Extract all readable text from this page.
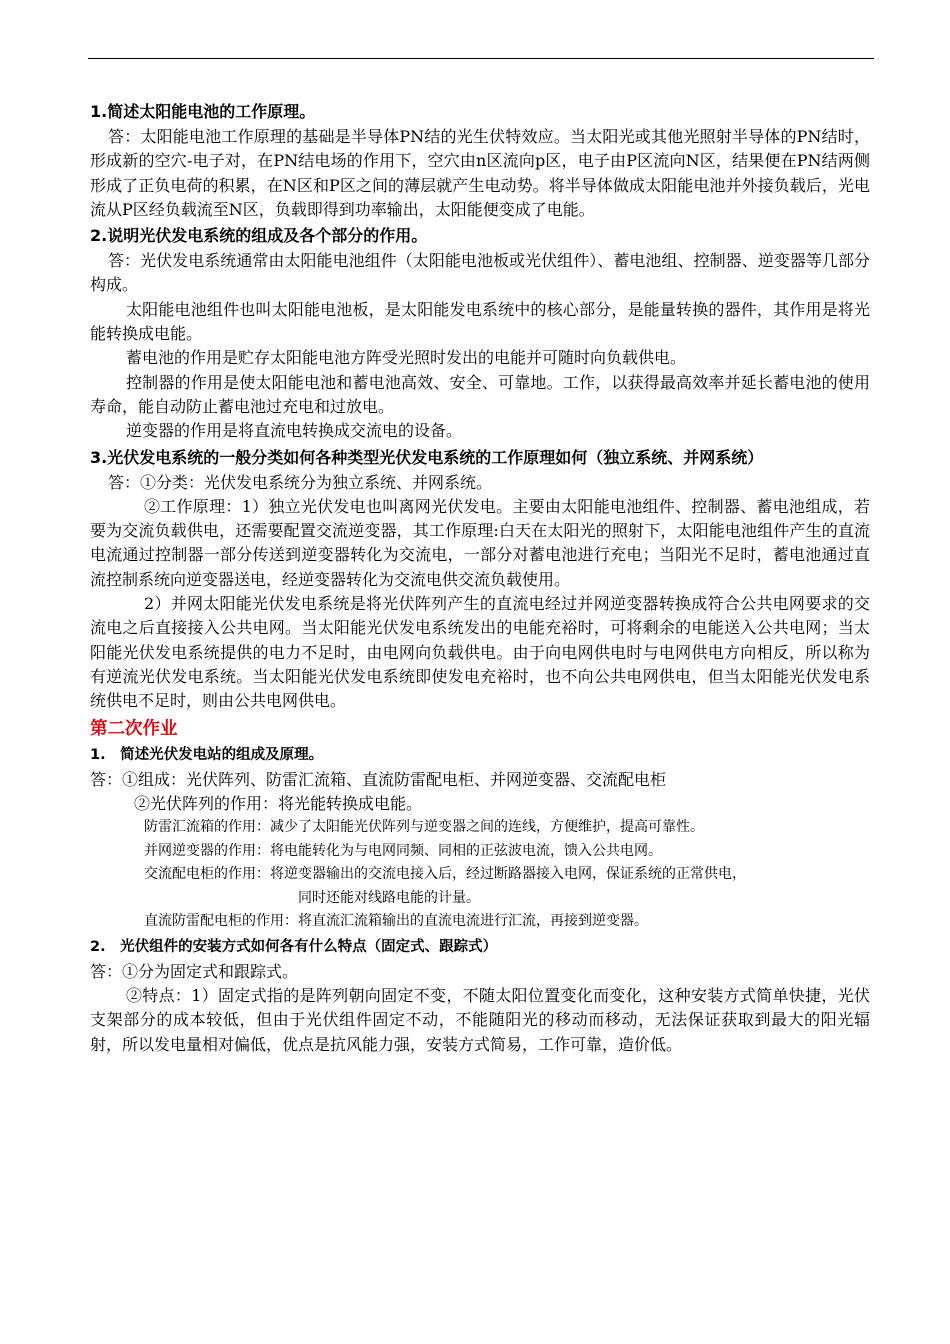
1.简述太阳能电池的工作原理。

答：太阳能电池工作原理的基础是半导体PN结的光生伏特效应。当太阳光或其他光照射半导体的PN结时，形成新的空穴-电子对，在PN结电场的作用下，空穴由n区流向p区，电子由P区流向N区，结果便在PN结两侧形成了正负电荷的积累，在N区和P区之间的薄层就产生电动势。将半导体做成太阳能电池并外接负载后，光电流从P区经负载流至N区，负载即得到功率输出，太阳能便变成了电能。

2.说明光伏发电系统的组成及各个部分的作用。

答：光伏发电系统通常由太阳能电池组件（太阳能电池板或光伏组件）、蓄电池组、控制器、逆变器等几部分构成。

太阳能电池组件也叫太阳能电池板，是太阳能发电系统中的核心部分，是能量转换的器件，其作用是将光能转换成电能。

蓄电池的作用是贮存太阳能电池方阵受光照时发出的电能并可随时向负载供电。

控制器的作用是使太阳能电池和蓄电池高效、安全、可靠地。工作，以获得最高效率并延长蓄电池的使用寿命，能自动防止蓄电池过充电和过放电。

逆变器的作用是将直流电转换成交流电的设备。

3.光伏发电系统的一般分类如何各种类型光伏发电系统的工作原理如何（独立系统、并网系统）

答：①分类：光伏发电系统分为独立系统、并网系统。

②工作原理：1）独立光伏发电也叫离网光伏发电。主要由太阳能电池组件、控制器、蓄电池组成，若要为交流负载供电，还需要配置交流逆变器，其工作原理:白天在太阳光的照射下，太阳能电池组件产生的直流电流通过控制器一部分传送到逆变器转化为交流电，一部分对蓄电池进行充电；当阳光不足时，蓄电池通过直流控制系统向逆变器送电，经逆变器转化为交流电供交流负载使用。

2）并网太阳能光伏发电系统是将光伏阵列产生的直流电经过并网逆变器转换成符合公共电网要求的交流电之后直接接入公共电网。当太阳能光伏发电系统发出的电能充裕时，可将剩余的电能送入公共电网；当太阳能光伏发电系统提供的电力不足时，由电网向负载供电。由于向电网供电时与电网供电方向相反，所以称为有逆流光伏发电系统。当太阳能光伏发电系统即使发电充裕时，也不向公共电网供电，但当太阳能光伏发电系统供电不足时，则由公共电网供电。

第二次作业
1.　简述光伏发电站的组成及原理。

答：①组成：光伏阵列、防雷汇流箱、直流防雷配电柜、并网逆变器、交流配电柜

②光伏阵列的作用：将光能转换成电能。

防雷汇流箱的作用：减少了太阳能光伏阵列与逆变器之间的连线，方便维护，提高可靠性。

并网逆变器的作用：将电能转化为与电网同频、同相的正弦波电流，馈入公共电网。

交流配电柜的作用：将逆变器输出的交流电接入后，经过断路器接入电网，保证系统的正常供电，

同时还能对线路电能的计量。

直流防雷配电柜的作用：将直流汇流箱输出的直流电流进行汇流，再接到逆变器。

2.　光伏组件的安装方式如何各有什么特点（固定式、跟踪式）

答：①分为固定式和跟踪式。

②特点：1）固定式指的是阵列朝向固定不变，不随太阳位置变化而变化，这种安装方式简单快捷，光伏支架部分的成本较低，但由于光伏组件固定不动，不能随阳光的移动而移动，无法保证获取到最大的阳光辐射，所以发电量相对偏低，优点是抗风能力强，安装方式简易，工作可靠，造价低。
